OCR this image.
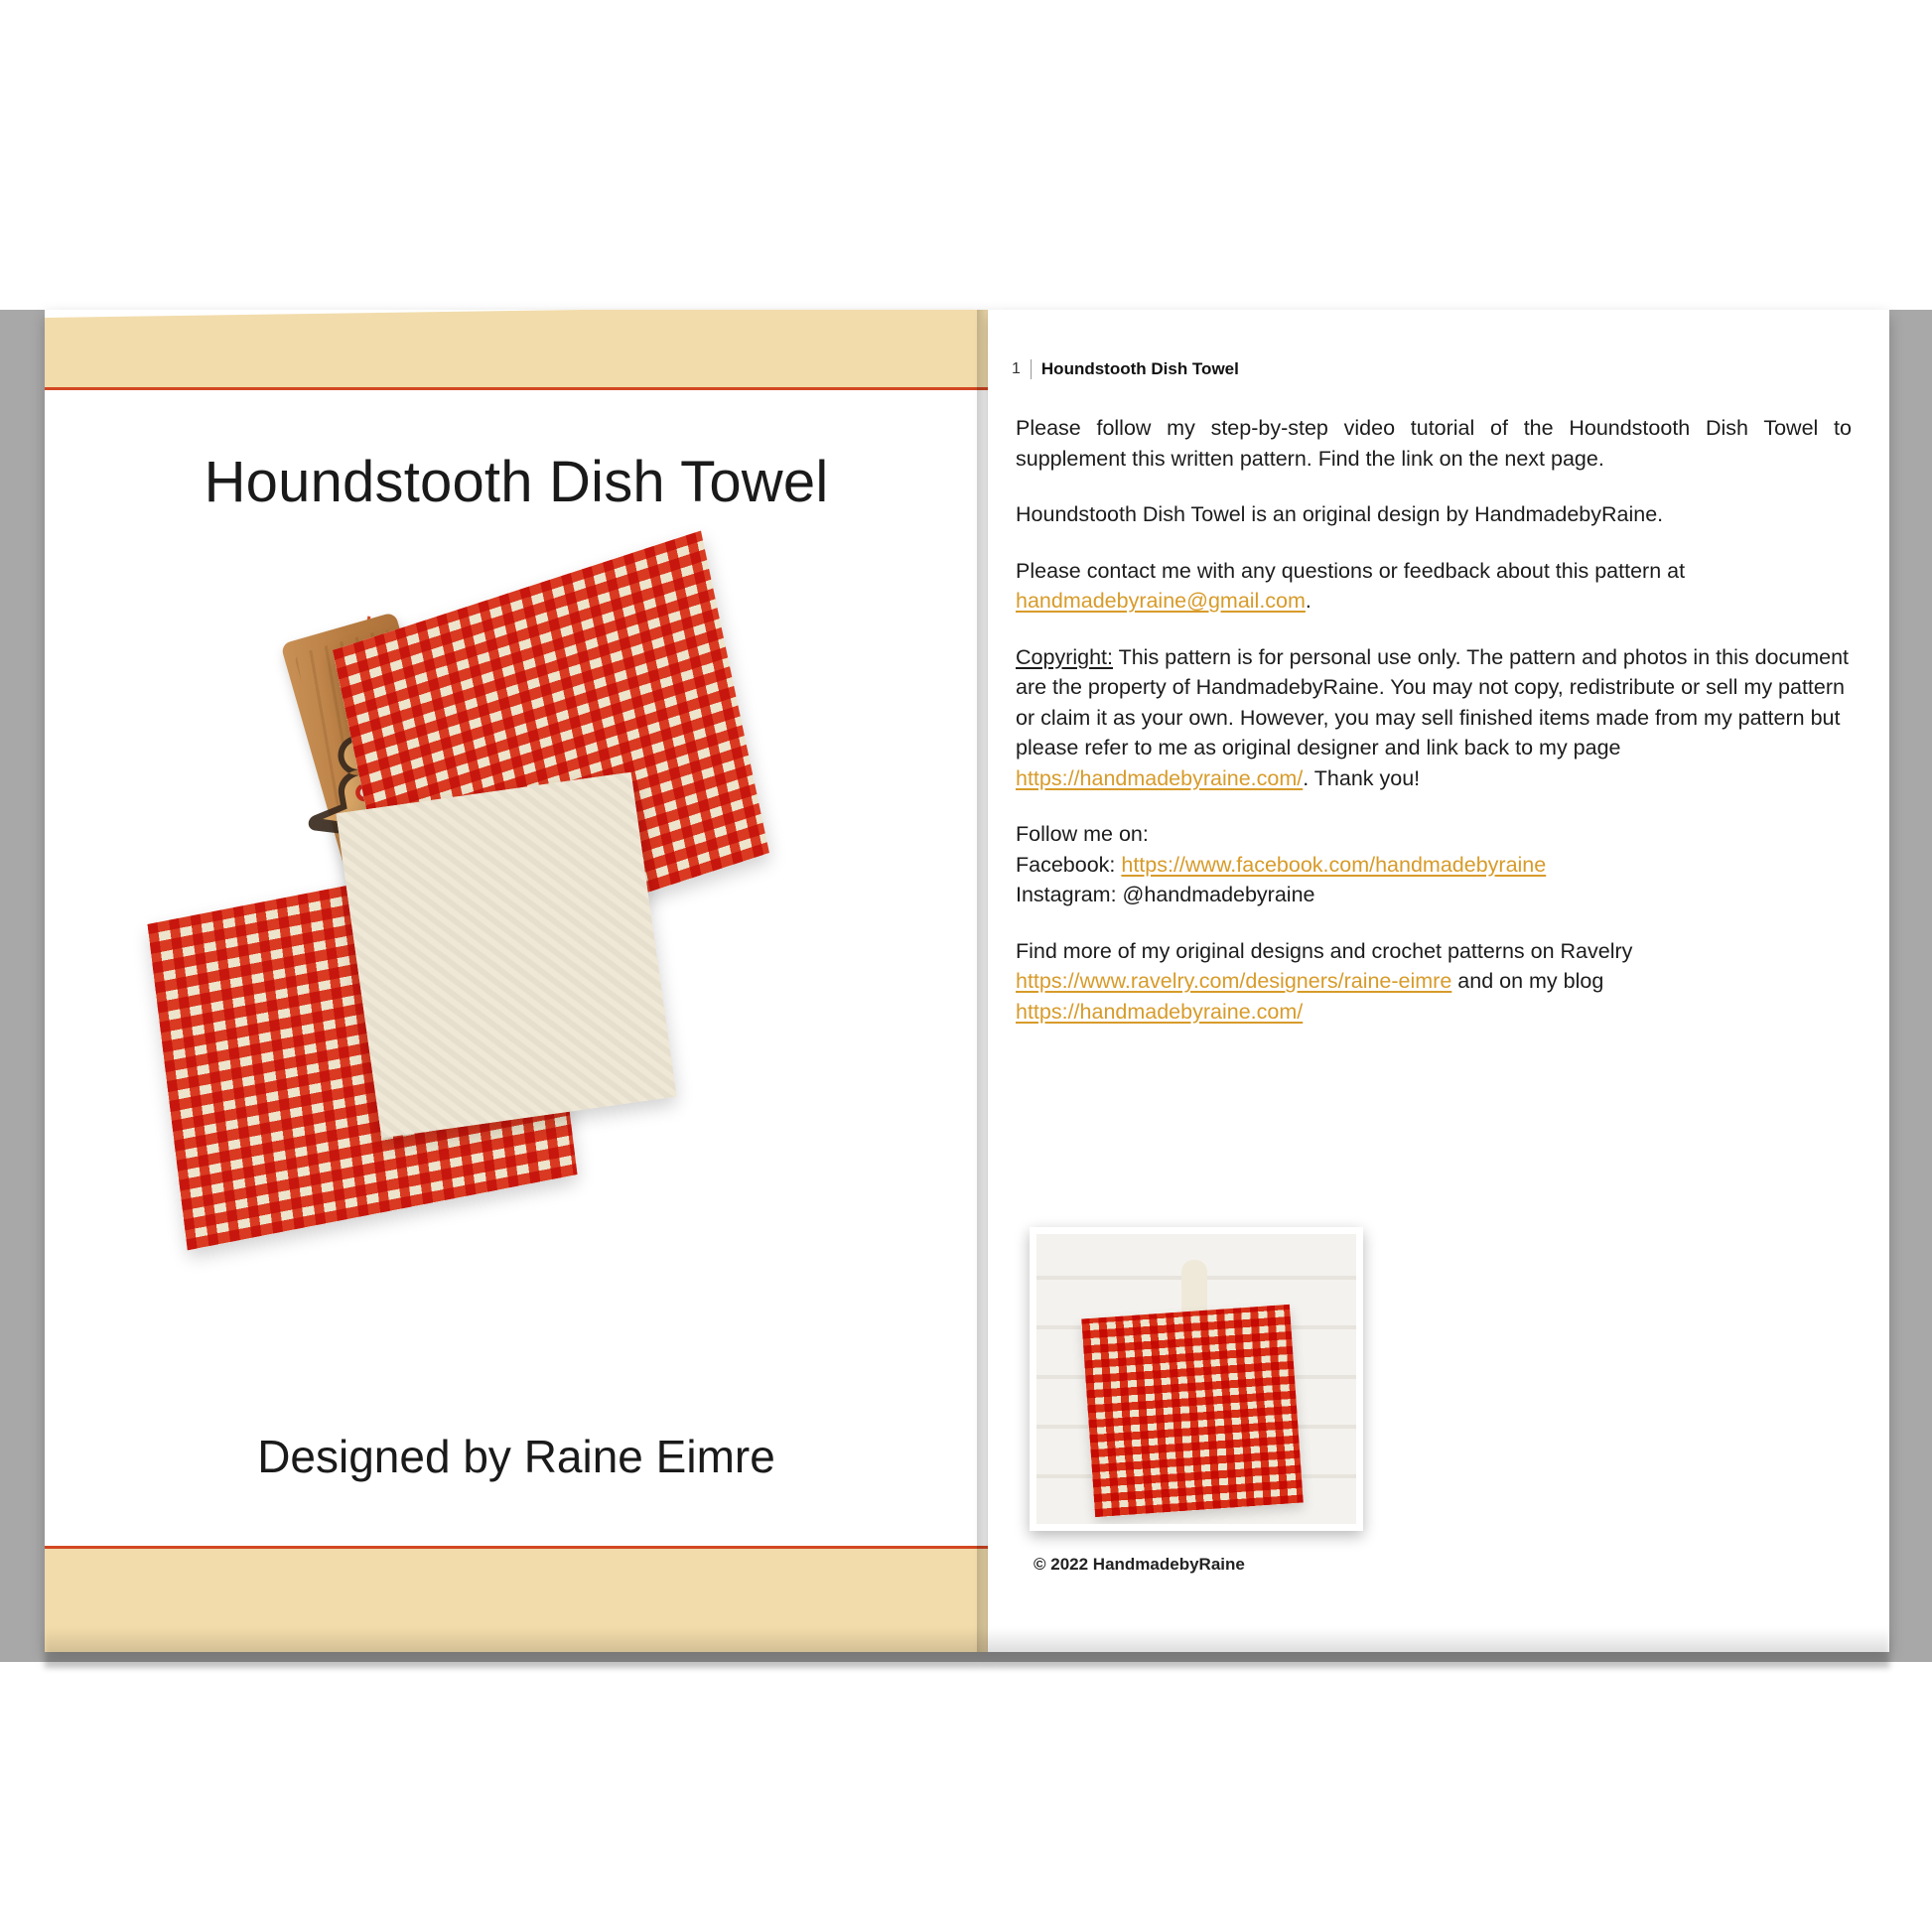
Houndstooth Dish Towel
Designed by Raine Eimre
1 Houndstooth Dish Towel

Please follow my step-by-step video tutorial of the Houndstooth Dish Towel to supplement this written pattern. Find the link on the next page.

Houndstooth Dish Towel is an original design by HandmadebyRaine.

Please contact me with any questions or feedback about this pattern at
handmadebyraine@gmail.com.

Copyright: This pattern is for personal use only. The pattern and photos in this document are the property of HandmadebyRaine. You may not copy, redistribute or sell my pattern or claim it as your own. However, you may sell finished items made from my pattern but please refer to me as original designer and link back to my page https://handmadebyraine.com/. Thank you!

Follow me on:
Facebook: https://www.facebook.com/handmadebyraine
Instagram: @handmadebyraine

Find more of my original designs and crochet patterns on Ravelry
https://www.ravelry.com/designers/raine-eimre and on my blog
https://handmadebyraine.com/

© 2022 HandmadebyRaine
